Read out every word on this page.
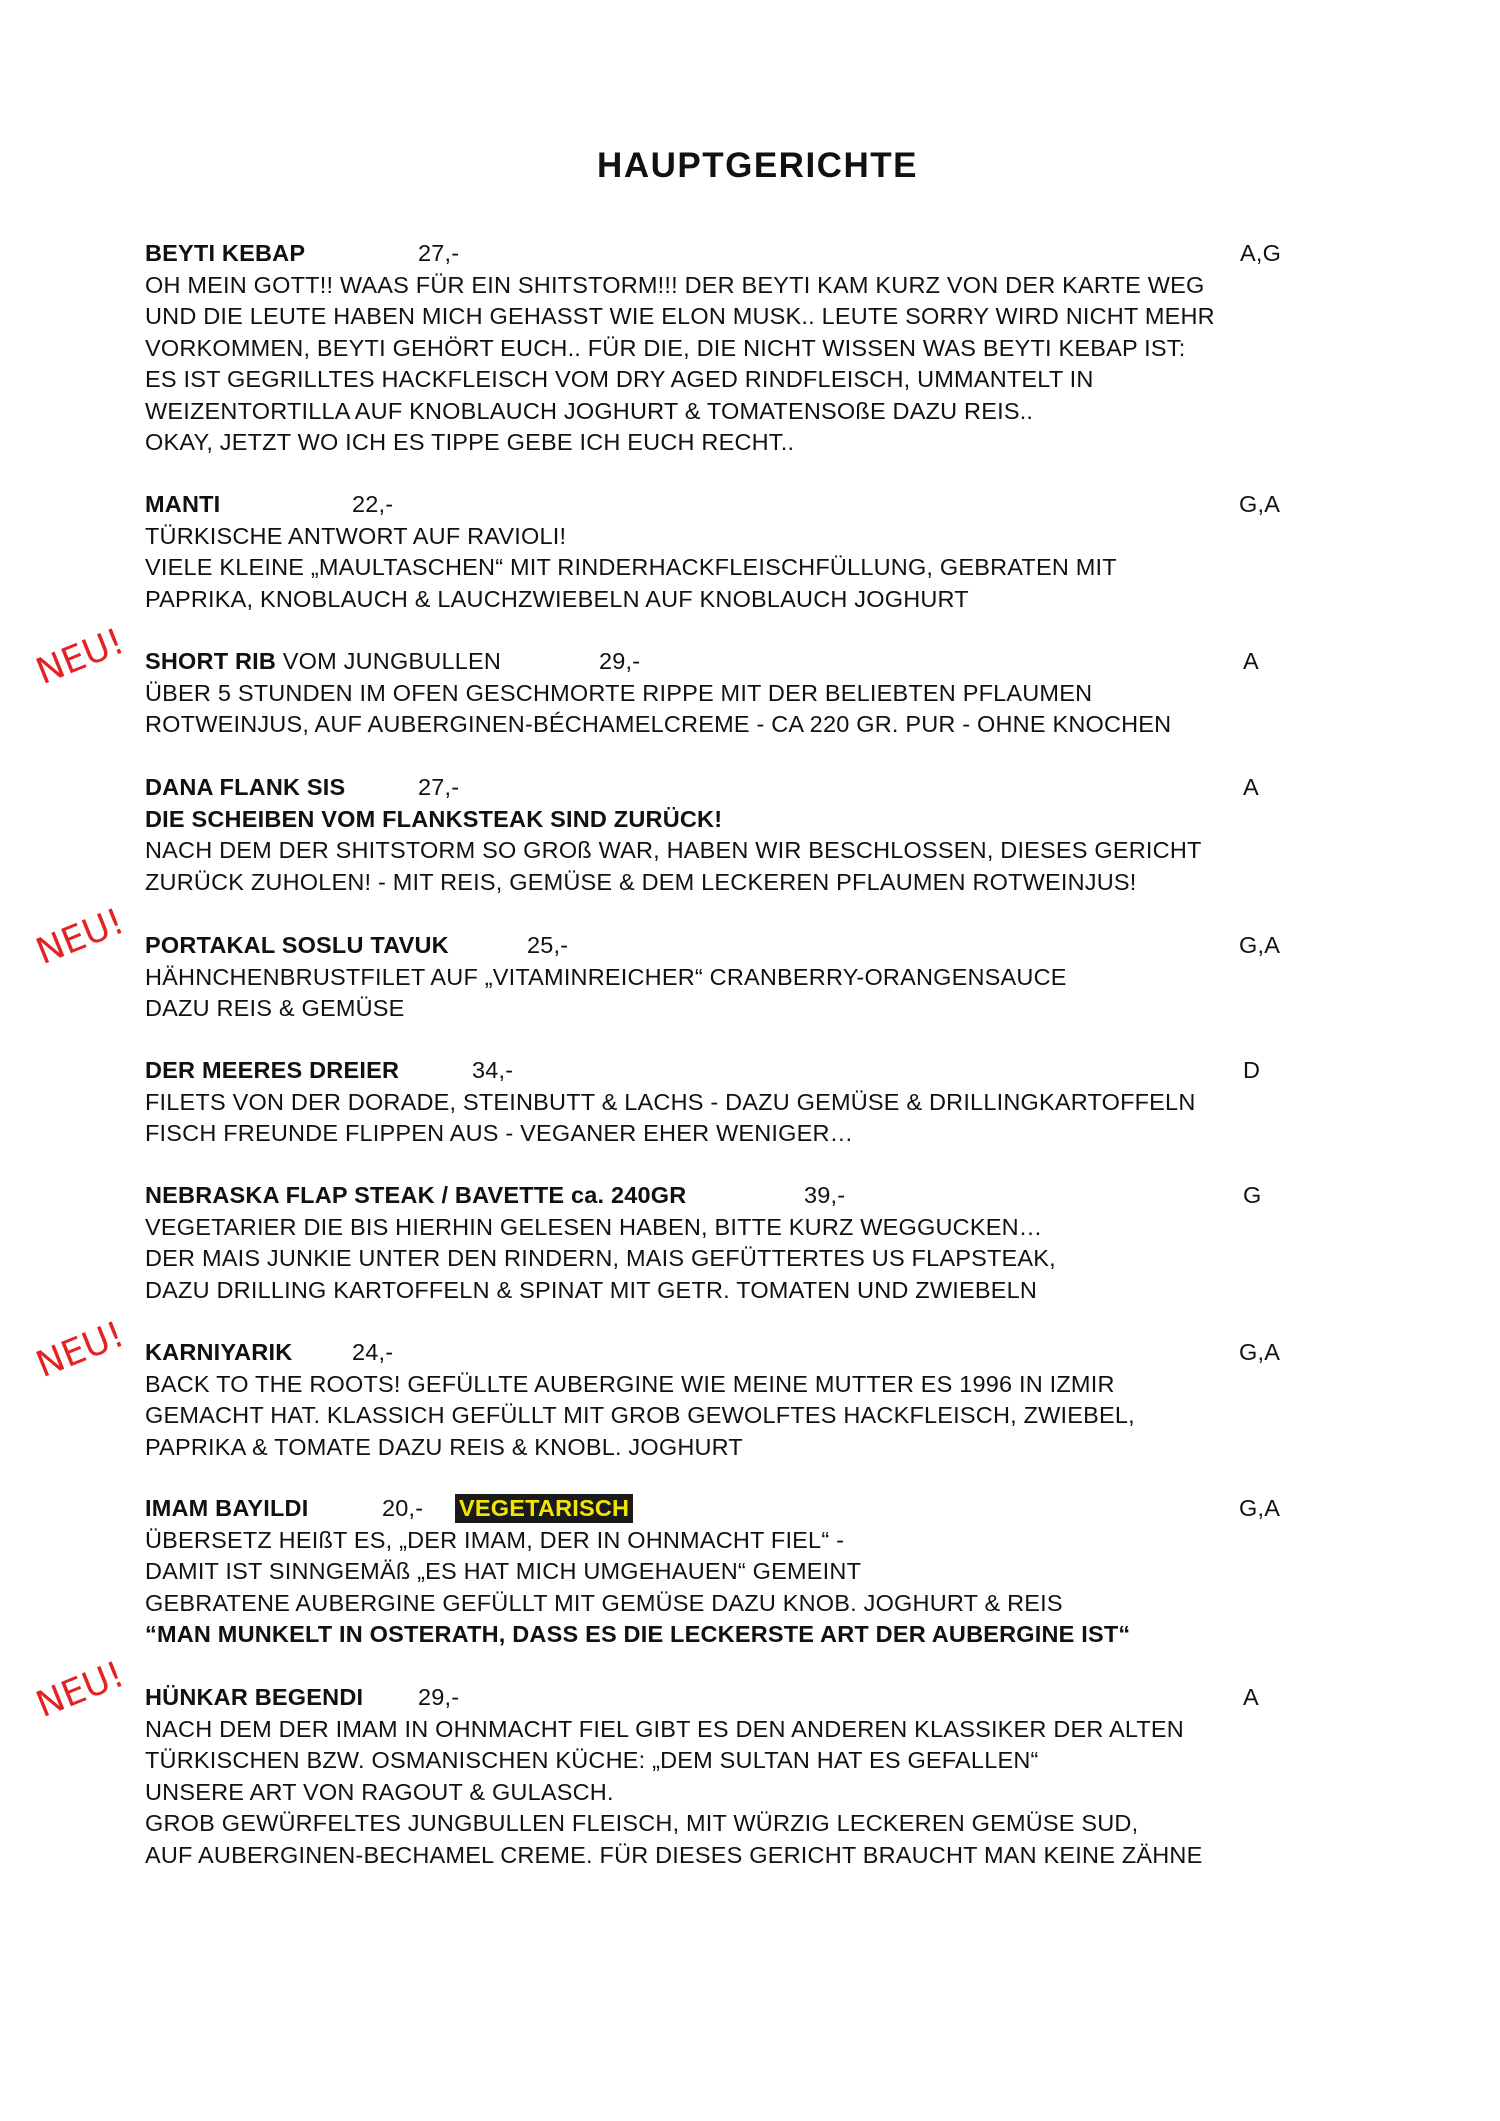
HAUPTGERICHTE
BEYTI KEBAP	27,-	A,G
OH MEIN GOTT!! WAAS FÜR EIN SHITSTORM!!! DER BEYTI KAM KURZ VON DER KARTE WEG
UND DIE LEUTE HABEN MICH GEHASST WIE ELON MUSK.. LEUTE SORRY WIRD NICHT MEHR
VORKOMMEN, BEYTI GEHÖRT EUCH.. FÜR DIE, DIE NICHT WISSEN WAS BEYTI KEBAP IST:
ES IST GEGRILLTES HACKFLEISCH VOM DRY AGED RINDFLEISCH, UMMANTELT IN
WEIZENTORTILLA AUF KNOBLAUCH JOGHURT & TOMATENSOßE DAZU REIS..
OKAY, JETZT WO ICH ES TIPPE GEBE ICH EUCH RECHT..
MANTI	22,-	G,A
TÜRKISCHE ANTWORT AUF RAVIOLI!
VIELE KLEINE „MAULTASCHEN“ MIT RINDERHACKFLEISCHFÜLLUNG, GEBRATEN MIT
PAPRIKA, KNOBLAUCH & LAUCHZWIEBELN AUF KNOBLAUCH JOGHURT
NEU! SHORT RIB VOM JUNGBULLEN	29,-	A
ÜBER 5 STUNDEN IM OFEN GESCHMORTE RIPPE MIT DER BELIEBTEN PFLAUMEN
ROTWEINJUS, AUF AUBERGINEN-BÉCHAMELCREME - CA 220 GR. PUR - OHNE KNOCHEN
DANA FLANK SIS	27,-	A
DIE SCHEIBEN VOM FLANKSTEAK SIND ZURÜCK!
NACH DEM DER SHITSTORM SO GROß WAR, HABEN WIR BESCHLOSSEN, DIESES GERICHT
ZURÜCK ZUHOLEN! - MIT REIS, GEMÜSE & DEM LECKEREN PFLAUMEN ROTWEINJUS!
NEU! PORTAKAL SOSLU TAVUK	25,-	G,A
HÄHNCHENBRUSTFILET AUF „VITAMINREICHER“ CRANBERRY-ORANGENSAUCE
DAZU REIS & GEMÜSE
DER MEERES DREIER	34,-	D
FILETS VON DER DORADE, STEINBUTT & LACHS - DAZU GEMÜSE & DRILLINGKARTOFFELN
FISCH FREUNDE FLIPPEN AUS - VEGANER EHER WENIGER…
NEBRASKA FLAP STEAK / BAVETTE ca. 240GR	39,-	G
VEGETARIER DIE BIS HIERHIN GELESEN HABEN, BITTE KURZ WEGGUCKEN…
DER MAIS JUNKIE UNTER DEN RINDERN, MAIS GEFÜTTERTES US FLAPSTEAK,
DAZU DRILLING KARTOFFELN & SPINAT MIT GETR. TOMATEN UND ZWIEBELN
NEU! KARNIYARIK	24,-	G,A
BACK TO THE ROOTS! GEFÜLLTE AUBERGINE WIE MEINE MUTTER ES 1996 IN IZMIR
GEMACHT HAT. KLASSICH GEFÜLLT MIT GROB GEWOLFTES HACKFLEISCH, ZWIEBEL,
PAPRIKA & TOMATE DAZU REIS & KNOBL. JOGHURT
IMAM BAYILDI	20,- VEGETARISCH	G,A
ÜBERSETZ HEIßT ES, „DER IMAM, DER IN OHNMACHT FIEL“ -
DAMIT IST SINNGEMÄß „ES HAT MICH UMGEHAUEN“ GEMEINT
GEBRATENE AUBERGINE GEFÜLLT MIT GEMÜSE DAZU KNOB. JOGHURT & REIS
“MAN MUNKELT IN OSTERATH, DASS ES DIE LECKERSTE ART DER AUBERGINE IST“
NEU! HÜNKAR BEGENDI 29,-	A
NACH DEM DER IMAM IN OHNMACHT FIEL GIBT ES DEN ANDEREN KLASSIKER DER ALTEN
TÜRKISCHEN BZW. OSMANISCHEN KÜCHE: „DEM SULTAN HAT ES GEFALLEN“
UNSERE ART VON RAGOUT & GULASCH.
GROB GEWÜRFELTES JUNGBULLEN FLEISCH, MIT WÜRZIG LECKEREN GEMÜSE SUD,
AUF AUBERGINEN-BECHAMEL CREME. FÜR DIESES GERICHT BRAUCHT MAN KEINE ZÄHNE
